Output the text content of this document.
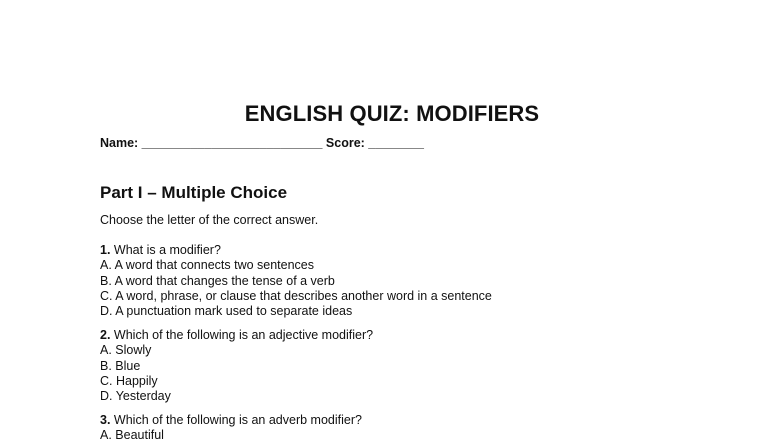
ENGLISH QUIZ: MODIFIERS
Name: __________________________ Score: ________
Part I – Multiple Choice
Choose the letter of the correct answer.
1. What is a modifier?
A. A word that connects two sentences
B. A word that changes the tense of a verb
C. A word, phrase, or clause that describes another word in a sentence
D. A punctuation mark used to separate ideas
2. Which of the following is an adjective modifier?
A. Slowly
B. Blue
C. Happily
D. Yesterday
3. Which of the following is an adverb modifier?
A. Beautiful
